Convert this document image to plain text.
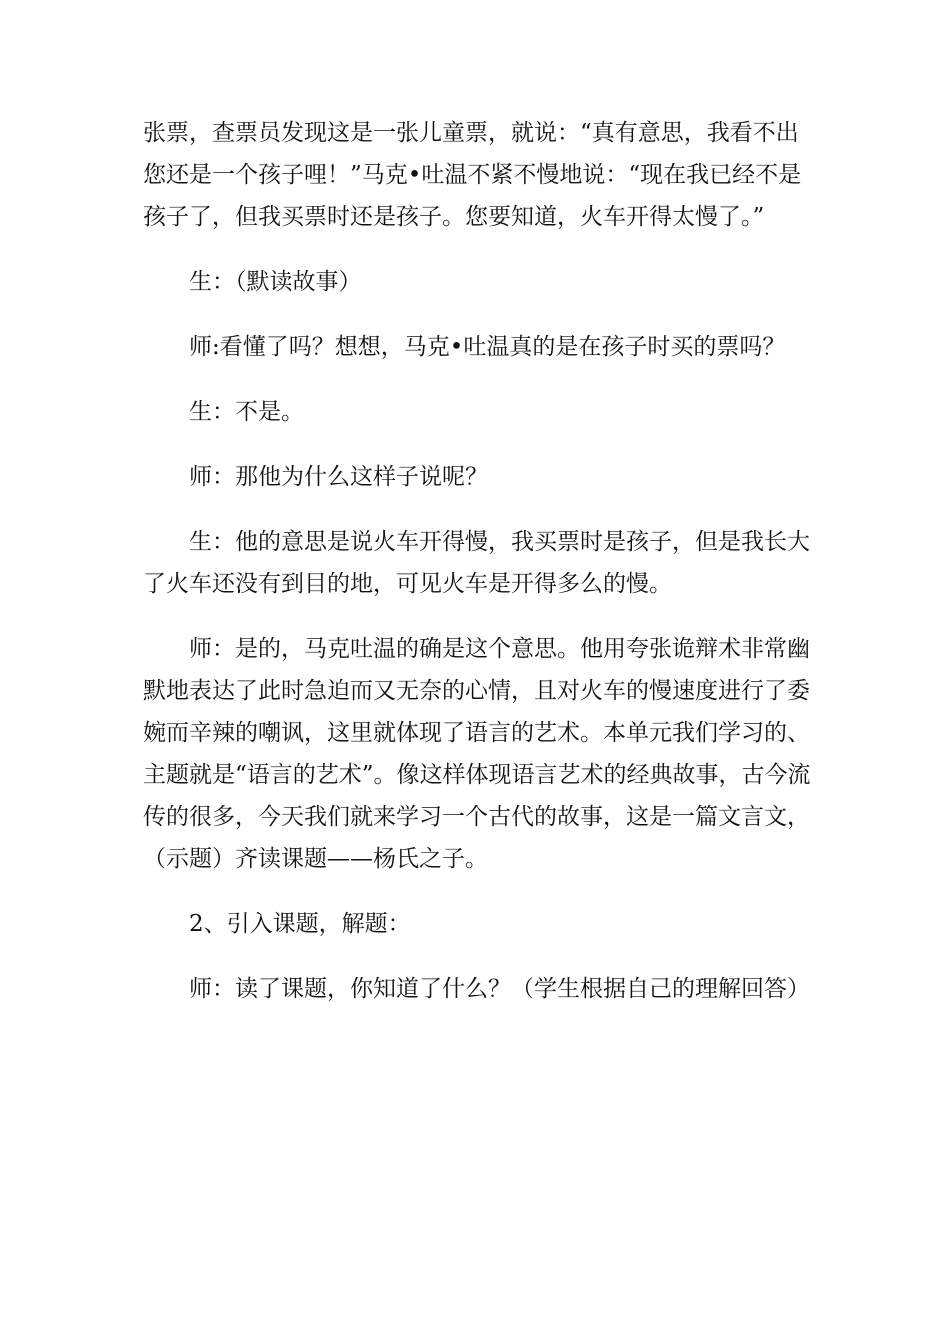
张票，查票员发现这是一张儿童票，就说：“真有意思，我看不出您还是一个孩子哩！”马克•吐温不紧不慢地说：“现在我已经不是孩子了，但我买票时还是孩子。您要知道，火车开得太慢了。”

生：（默读故事）

师:看懂了吗？想想，马克•吐温真的是在孩子时买的票吗？

生：不是。

师：那他为什么这样子说呢？

生：他的意思是说火车开得慢，我买票时是孩子，但是我长大了火车还没有到目的地，可见火车是开得多么的慢。

师：是的，马克吐温的确是这个意思。他用夸张诡辩术非常幽默地表达了此时急迫而又无奈的心情，且对火车的慢速度进行了委婉而辛辣的嘲讽，这里就体现了语言的艺术。本单元我们学习的、主题就是“语言的艺术”。像这样体现语言艺术的经典故事，古今流传的很多，今天我们就来学习一个古代的故事，这是一篇文言文，（示题）齐读课题——杨氏之子。

2、引入课题，解题：

师：读了课题，你知道了什么？（学生根据自己的理解回答）
